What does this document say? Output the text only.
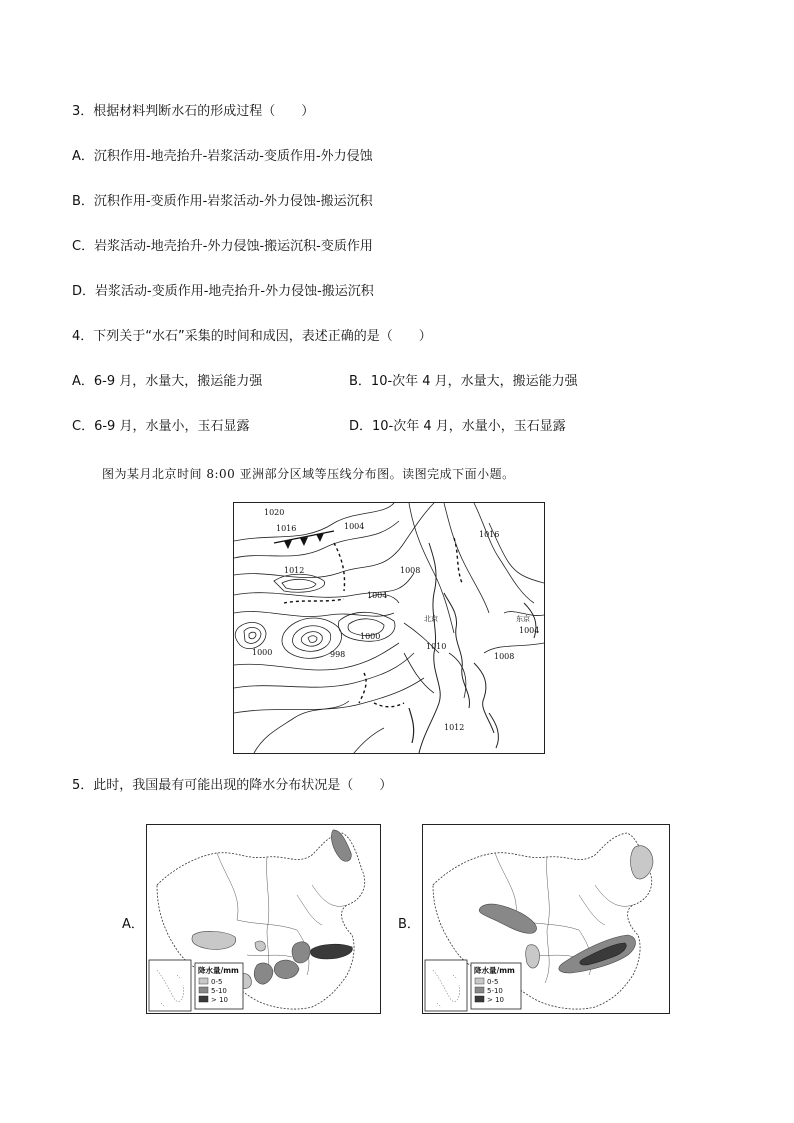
3．根据材料判断水石的形成过程（　　）
A．沉积作用-地壳抬升-岩浆活动-变质作用-外力侵蚀
B．沉积作用-变质作用-岩浆活动-外力侵蚀-搬运沉积
C．岩浆活动-地壳抬升-外力侵蚀-搬运沉积-变质作用
D．岩浆活动-变质作用-地壳抬升-外力侵蚀-搬运沉积
4．下列关于“水石”采集的时间和成因，表述正确的是（　　）
A．6-9 月，水量大，搬运能力强	B．10-次年 4 月，水量大，搬运能力强
C．6-9 月，水量小，玉石显露	D．10-次年 4 月，水量小，玉石显露
图为某月北京时间 8:00 亚洲部分区域等压线分布图。读图完成下面小题。
1020
1016	1004
1012	1008
1004
1000	998
1000
1010
1008
1004
1016
1012
北京	东京
5．此时，我国最有可能出现的降水分布状况是（　　）
A．	B．
降水量/mm
0-5
5-10
> 10
降水量/mm
0-5
5-10
> 10
